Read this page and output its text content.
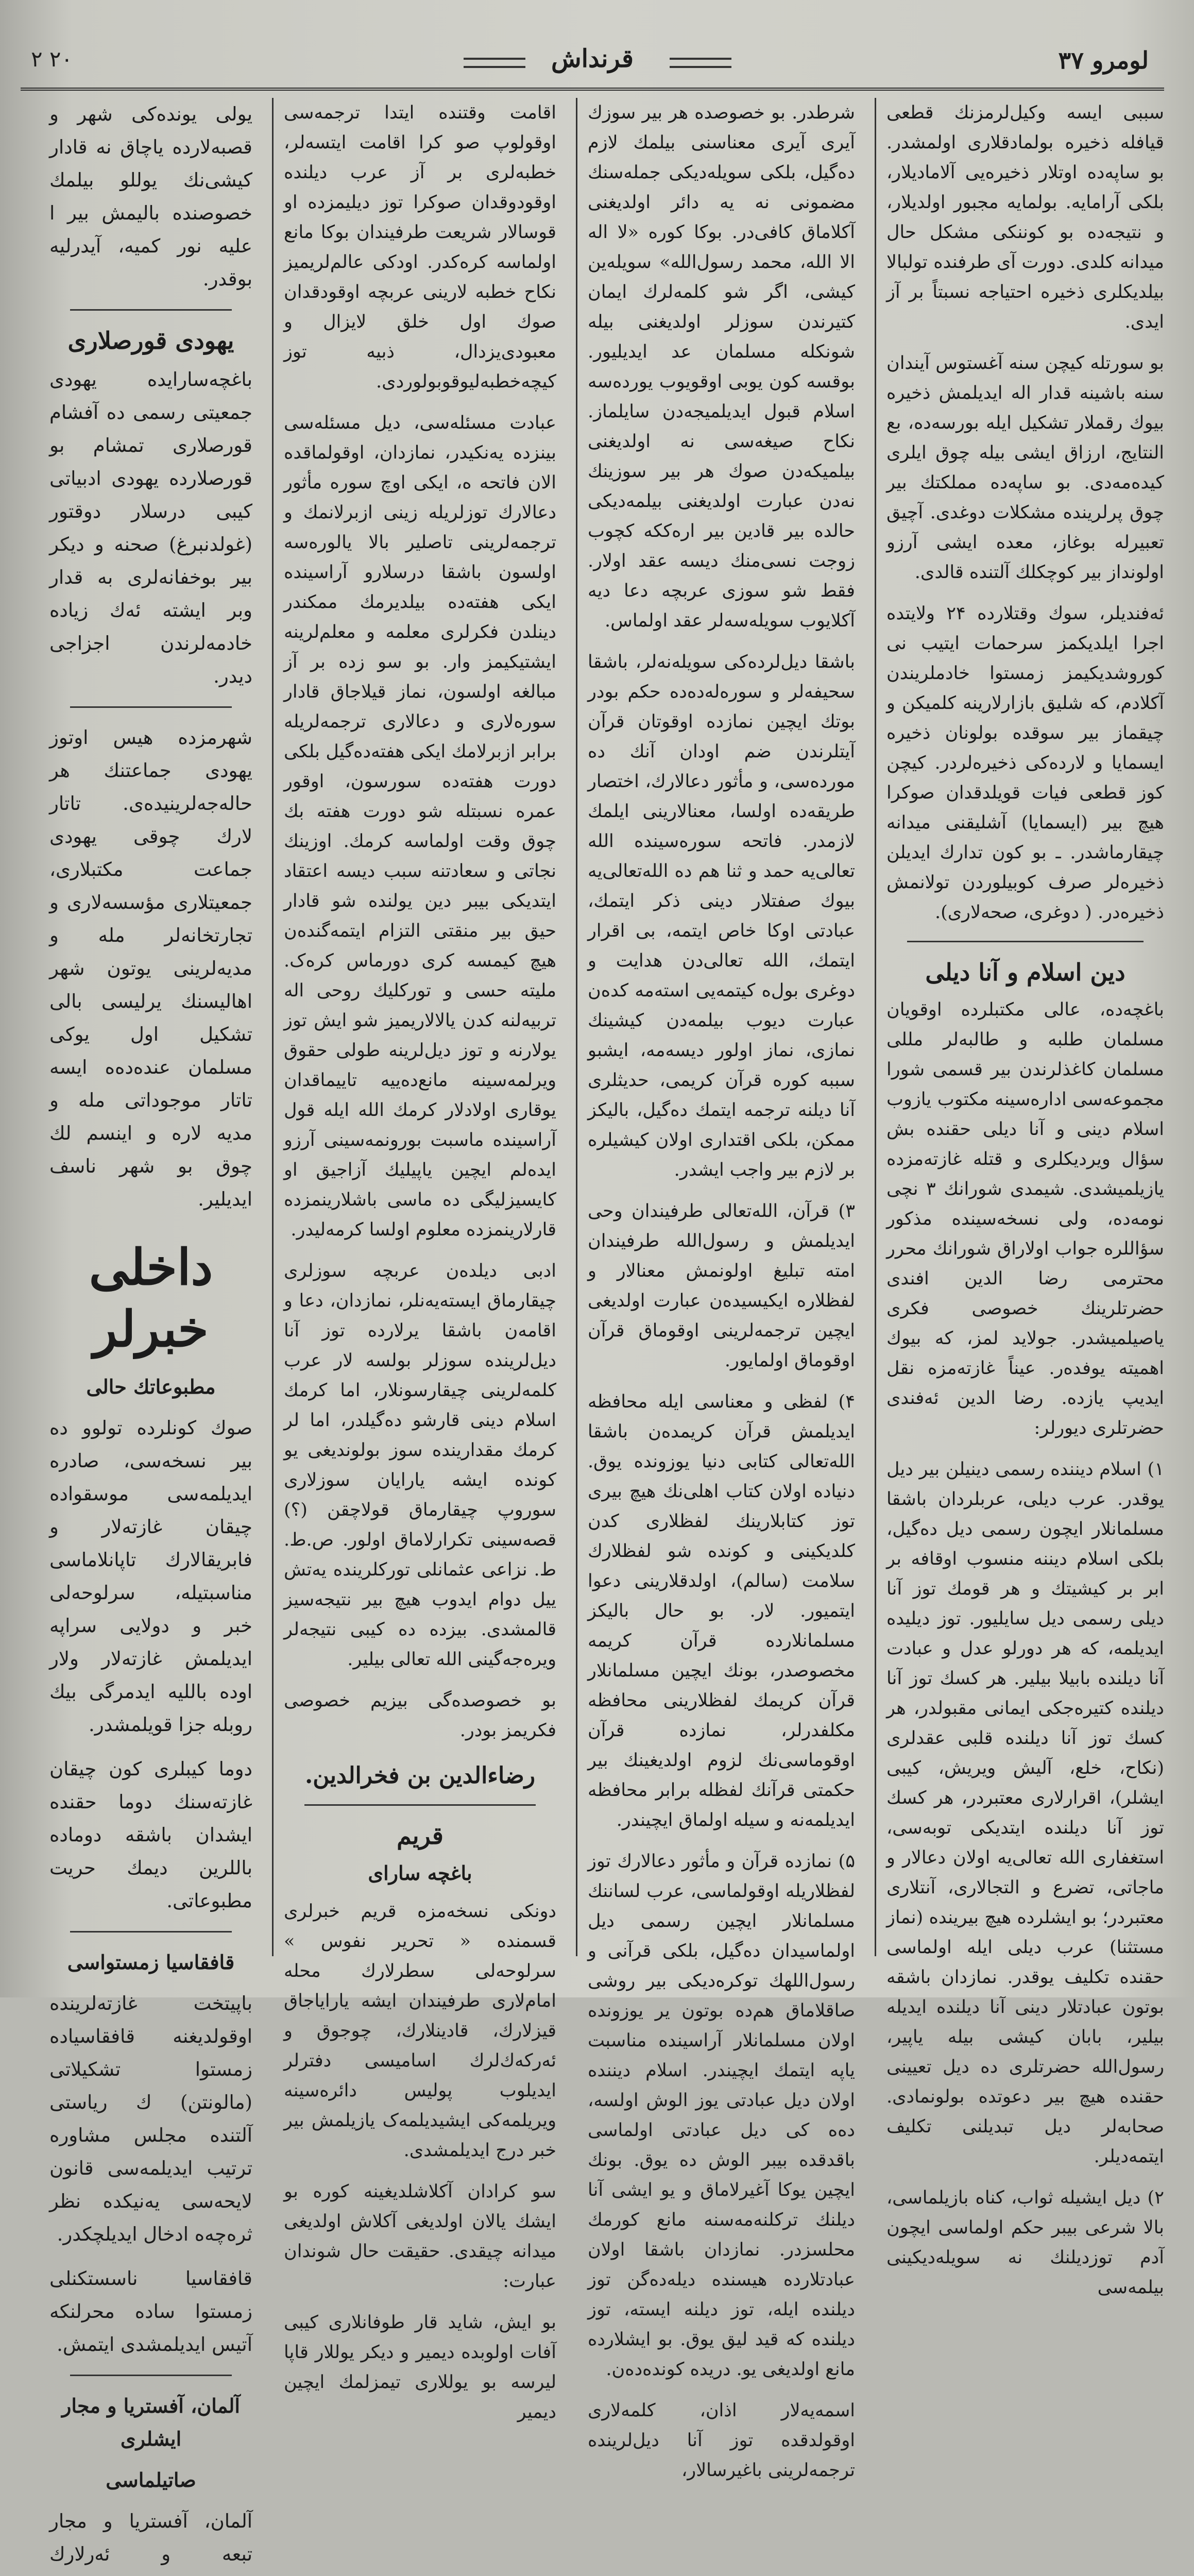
لومرو ۳۷
قرنداش
۲ ۲۰

سببی ایسه وكیل‌لرمزنك قطعی قیافله ذخیره بولمادقلاری اولمشدر. بو ساپه‌ده اوتلار ذخیره‌یی آلامادیلار، بلکی آرامایه. بولمایه مجبور اولدیلار، و نتیجه‌ده بو کوننکی مشکل حال میدانه کلدی. دورت آی طرفنده تولبالا بیلدیکلری ذخیره احتیاجه نسبتاً بر آز ایدی.

بو سورتله کیچن سنه آغستوس آیندان سنه باشینه قدار اله ایدیلمش ذخیره بیوك رقملار تشکیل ایله بورسه‌ده، بع النتایج، ارزاق ایشی بیله چوق ایلری کیده‌مه‌دی. بو ساپه‌ده مملکتك بیر چوق پرلرینده مشکلات دوغدی. آچیق تعبیرله بوغاز، معده ایشی آرزو اولونداز بیر کوچکلك آلتنده قالدی.

ئه‌فنديلر، سوك وقتلارده ۲۴ ولایتده اجرا ایلدیکمز سرحمات ایتیب نی کوروشدیکیمز زمستوا خادملریندن آکلادم، که شلیق بازارلارینه کلمیکن و چیقماز بیر سوقده بولونان ذخیره ایسمایا و لارده‌کی ذخیره‌لردر. کیچن کوز قطعی فیات قویلدقدان صوکرا هیچ بیر (ایسمایا) آشلیقنی میدانه چیقارماشدر. ـ بو کون تدارك ایدیلن ذخیره‌لر صرف کوبیلوردن تولانمش ذخیره‌در. ( دوغری، صحه‌لاری).

دین اسلام و آنا دیلی

باغچه‌ده، عالی مکتبلرده اوقویان مسلمان طلبه و طالبه‌لر مللی مسلمان كاغذلرندن بیر قسمی شورا مجموعه‌سی اداره‌سینه مکتوب یازوب اسلام دینی و آنا دیلی حقنده بش سؤال ویردیکلری و قتله غازته‌مزده یازیلمیشدی. شیمدی شورانك ۳ نچی نومه‌ده، ولی نسخه‌سینده مذکور سؤاللره جواب اولاراق شورانك محرر محترمی رضا الدین افندی حضرتلرینك خصوصی فکری یاصیلمیشدر. جولاید لمز، که بیوك اهمیته یوفده‌ر. عیناً غازته‌مزه نقل ایدیپ یازده. رضا الدین ئه‌فندی حضرتلری دیورلر:

۱) اسلام دیننده رسمی دینیلن بیر دیل یوقدر. عرب دیلی، عربلردان باشقا مسلمانلار ایچون رسمی دیل ده‌گیل، بلکی اسلام دیننه منسوب اوقافه بر ابر بر کیشیتك و هر قومك توز آنا دیلی رسمی دیل سایلیور. توز دیلیده ایدیلمه، که هر دورلو عدل و عبادت آنا دیلنده بابیلا بیلیر. هر کسك توز آنا دیلنده کتیره‌جکی ایمانی مقبولدر، هر کسك توز آنا دیلنده قلبی عقدلری (نکاح، خلع، آلیش ویریش، کیبی ایشلر)، اقرارلاری معتبردر، هر کسك توز آنا دیلنده ایتدیکی توبه‌سی، استغفاری الله تعالی‌یه اولان دعالار و ماجاتی، تضرع و التجالاری، آنتلاری معتبردر؛ بو ایشلرده هیچ بیرینده (نماز مستثنا) عرب دیلی ایله اولماسی حقنده تکلیف یوقدر. نمازدان باشقه بوتون عبادتلار دینی آنا دیلنده ایدیله بیلیر، بابان کیشی بیله یاپیر، رسول‌الله حضرتلری ده دیل تعیینی حقنده هیچ بیر دعوتده بولونمادی. صحابه‌لر دیل تبدیلنی تکلیف ایتمه‌دیلر.

۲) دیل ایشیله ثواب، کناه بازیلماسی، بالا شرعی بیبر حکم اولماسی ایچون آدم توزدیلنك نه سویله‌دیکینی بیلمه‌سی

شرطدر. بو خصوصده هر بیر سوزك آیری آیری معناسنی بیلمك لازم ده‌گیل، بلکی سویله‌دیکی جمله‌سنك مضمونی نه یه دائر اولدیغنی آکلاماق کافی‌در. بوکا کوره «لا اله الا الله، محمد رسول‌الله» سویله‌ین کیشی، اگر شو کلمه‌لرك ایمان کتیرندن سوزلر اولدیغنی بیله شونکله مسلمان عد ایدیلیور. بوقسه کون یوبی اوقویوب یورده‌سه اسلام قبول ایدیلمیجه‌دن سایلماز. نکاح صیغه‌سی نه اولدیغنی بیلمیکه‌دن صوك هر بیر سوزینك نه‌دن عبارت اولدیغنی بیلمه‌دیکی حالده بیر قادین بیر اره‌ککه کچوب زوجت نسی‌منك دیسه عقد اولار. فقط شو سوزی عربچه دعا دیه آکلایوب سویله‌سه‌لر عقد اولماس.

باشقا دیل‌لرده‌کی سویله‌نه‌لر، باشقا سحیفه‌لر و سوره‌له‌ده‌ده حکم بودر بوتك ایچین نمازده اوقوتان قرآن آیتلرندن ضم اودان آنك ده مورده‌سی، و مأثور دعالارك، اختصار طریقه‌ده اولسا، معنالارینی ایلمك لازمدر. فاتحه سوره‌سینده الله تعالی‌یه حمد و ثنا هم ده الله‌تعالی‌یه بیوك صفتلار دینی ذکر ایتمك، عبادتی اوکا خاص ایتمه، بی اقرار ایتمك، الله تعالی‌دن هدایت و دوغری بول‌ه کیتمه‌یی استه‌مه کده‌ن عبارت دیوب بیلمه‌دن کیشینك نمازی، نماز اولور دیسه‌مه، ایشبو سببه کوره قرآن کریمی، حدیثلری آنا دیلنه ترجمه ایتمك ده‌گیل، بالیکز ممکن، بلکی اقتداری اولان کیشیلره بر لازم بیر واجب ایشدر.

۳) قرآن، الله‌تعالی طرفیندان وحی ایدیلمش و رسول‌الله طرفیندان امته تبلیغ اولونمش معنالار و لفظلاره ایکیسیده‌ن عبارت اولدیغی ایچین ترجمه‌لرینی اوقوماق قرآن اوقوماق اولمایور.

۴) لفظی و معناسی ایله محافظه ایدیلمش قرآن کریمده‌ن باشقا الله‌تعالی کتابی دنیا یوزونده یوق. دنیاده اولان کتاب اهلی‌نك هیچ بیری توز کتابلارینك لفظلاری کدن کلدیکینی و کونده شو لفظلارك سلامت (سالم)، اولدقلارینی دعوا ایتمیور. لار. بو حال بالیکز مسلمانلارده قرآن کریمه مخصوصدر، بونك ایچین مسلمانلار قرآن کریمك لفظلارینی محافظه مکلفدرلر، نمازده قرآن اوقوماسی‌نك لزوم اولدیغینك بیر حکمتی قرآنك لفظله برابر محافظه ایدیلمه‌نه و سیله اولماق ایچیندر.

۵) نمازده قرآن و مأثور دعالارك توز لفظلاریله اوقولماسی، عرب لساننك مسلمانلار ایچین رسمی دیل اولماسیدان ده‌گیل، بلکی قرآنی و رسول‌اللهك توکره‌دیکی بیر روشی صاقلاماق هم‌ده بوتون یر یوزونده اولان مسلمانلار آراسینده مناسبت یاپه ایتمك ایچیندر. اسلام دیننده اولان دیل عبادتی یوز الوش اولسه، ده‌ه کی دیل عبادتی اولماسی باقدقده بیبر الوش ده یوق. بونك ایچین یوکا آغیرلاماق و یو ایشی آنا دیلنك ترکلنه‌مه‌سنه مانع کورمك محلسزدر. نمازدان باشقا اولان عبادتلارده هیسنده دیله‌ده‌گن توز دیلنده ایله، توز دیلنه ایسته، توز دیلنده که قید لیق یوق. بو ایشلارده مانع اولدیغی یو. دریده کونده‌ده‌ن.

اسمه‌یه‌لار اذان، کلمه‌لاری اوقولدقده توز آنا دیل‌لرینده ترجمه‌لرینی باغیرسالار،

اقامت وقتنده ایتدا ترجمه‌سی اوقولوپ صو کرا اقامت ایتسه‌لر، خطبه‌لری بر آز عرب دیلنده اوقودوقدان صوکرا توز دیلیمزده او قوسالار شریعت طرفیندان بوکا مانع اولماسه کره‌کدر. اودکی عالم‌لریمیز نکاح خطبه لارینی عربچه اوقودقدان صوك اول خلق لایزال و معبودی‌یزدال، ذبیه توز کیچه‌خطبه‌لیوقوبولوردی.

عبادت مسئله‌سی، دیل مسئله‌سی بینزده یه‌نکیدر، نمازدان، اوقولماقده الان فاتحه ه، ایکی اوچ سوره مأثور دعالارك توزلریله زینی ازبرلانمك و ترجمه‌لرینی تاصلیر بالا یالوره‌سه اولسون باشقا درسلارو آراسینده ایکی هفته‌ده بیلدیرمك ممکندر دینلدن فکرلری معلمه و معلم‌لرینه ایشتیکیمز وار. بو سو زده بر آز مبالغه اولسون، نماز قیلاجاق قادار سوره‌لاری و دعالاری ترجمه‌لریله برابر ازبرلامك ایکی هفته‌ده‌گیل بلکی دورت هفته‌ده سورسون، اوقور عمره نسبتله شو دورت هفته بك چوق وقت اولماسه کرمك. اوزینك نجاتی و سعادتنه سبب دیسه اعتقاد ایتدیکی بیبر دین یولنده شو قادار حیق بیر منقتی التزام ایتمه‌گنده‌ن هیچ کیمسه کری دورماس کره‌ک. ملیته حسی و تورکلیك روحی اله تربیه‌لنه کدن یالالاریمیز شو ایش توز یولارنه و توز دیل‌لرینه طولی حقوق ویرلمه‌سینه مانع‌ده‌ییه تاییماقدان یوقاری اولادلار کرمك الله ایله قول آراسینده ماسبت بورونمه‌سینی آرزو ایده‌لم ایچین یاپیلیك آزاجیق ‌او کایسیزلیگی ده ماسی باشلارینمزده قارلارینمزده معلوم اولسا کرمه‌لیدر.

ادبی دیلده‌ن عربچه سوزلری چیقارماق ایسته‌یه‌نلر، نمازدان، دعا و اقامه‌ن باشقا یرلارده توز آنا دیل‌لرینده سوزلر بولسه لار عرب کلمه‌لرینی چیقارسونلار، اما کرمك اسلام دینی قارشو ده‌گیلدر، اما لر کرمك مقدارینده سوز بولوندیغی یو کونده ایشه یارایان سوزلاری سوروپ چیقارماق قولاچقن (؟) قصه‌سینی تکرارلاماق اولور. ص.ط. ط. نزاعی عثمانلی تورکلرینده یه‌تش ییل دوام ایدوب هیچ بیر نتیجه‌سیز قالمشدی. بیزده ده کیبی نتیجه‌لر ویره‌جه‌گینی الله تعالی بیلیر.

بو خصوصده‌گی بیزیم خصوصی فکریمز بودر.

رضاءالدین بن فخرالدین.
قریم
باغچه سارای

دونکی نسخه‌مزه قریم خبرلری قسمنده « تحریر نفوس » سرلوحه‌لی سطرلارك محله امام‌لاری طرفیندان ایشه یارایاجاق قیزلارك، قادینلارك، چوجوق و ئه‌رکه‌ك‌لرك اسامیسی دفترلر ایدیلوب پولیس دائره‌سینه ویریلمه‌کی ایشیدیلمه‌ک یازیلمش بیر خبر درج ایدیلمشدی.

سو کرادان آکلاشلدیغینه کوره بو ایشك یالان اولدیغی آکلاش اولدیغی میدانه چیقدی. حقیقت حال شوندان عبارت:

بو ایش، شاید قار طوفانلاری کیبی آفات اولوبده دیمیر و دیکر یوللار قاپا لیرسه بو یوللاری تیمزلمك ایچین دیمیر

یولی یونده‌کی شهر و قصبه‌لارده یاچاق نه قادار کیشی‌نك یوللو بیلمك خصوصنده بالیمش بیر ا علیه نور کمیه، آیدرلیه بوقدر.

یهودی قورصلاری

باغچه‌سارایده یهودی جمعیتی رسمی ده آفشام قورصلاری تمشام بو قورصلارده یهودی ادبیاتی کیبی درسلار دوقتور (غولدنبرغ) صحنه و دیکر بیر بوخفانه‌لری به قدار وبر ایشته ئه‌ك زیاده خادمه‌لرندن اجزاجی دیدر.

شهرمزده هیس اوتوز یهودی جماعتنك هر حاله‌جه‌لرینیده‌ی. تاتار لارك چوقی یهودی جماعت مکتبلاری، جمعیتلاری مؤسسه‌لاری و تجارتخانه‌لر مله و مدیه‌لرینی یوتون شهر اهالیسنك یرلیسی بالی تشکیل اول یوکی مسلمان عنده‌ده‌ه ایسه تاتار موجوداتی مله و مدیه‌ لاره و اینسم لك چوق بو شهر ناسف ایدیلیر.

داخلی خبرلر
مطبوعاتك حالی

صوك کونلرده تولوو ده بیر نسخه‌سی، صادره ایدیلمه‌سی موسقواده چیقان غازته‌لار و فابریقالارك تاپانلاماسی مناسبتیله، سرلوحه‌لی خبر و دولایی سراپه ایدیلمش غازته‌لار ولار اوده باللیه ایدمرگی بیك روبله جزا قویلمشدر.

دوما کیبلری کون چیقان غازته‌سنك دوما حقنده ایشدان باشقه دوماده باللرین دیمك حریت مطبوعاتی.

قافقاسیا زمستواسی

باپیتخت غازته‌لرینده اوقولدیغنه قافقاسیاده زمستوا تشکیلاتی (مالونتن) ك ریاستی آلتنده مجلس مشاوره ترتیب ایدیلمه‌سی قانون لایحه‌سی یه‌نیكده نظر ثره‌چه‌ه ادخال ایدیلچکدر.

قافقاسیا ناسستکنلی زمستوا ساده محرلنکه آتیس ایدیلمشدی ایتمش.

آلمان، آفستریا و مجار ایشلری
صاتیلماسی

آلمان، آفستریا و مجار تبعه و ئه‌رلارك
